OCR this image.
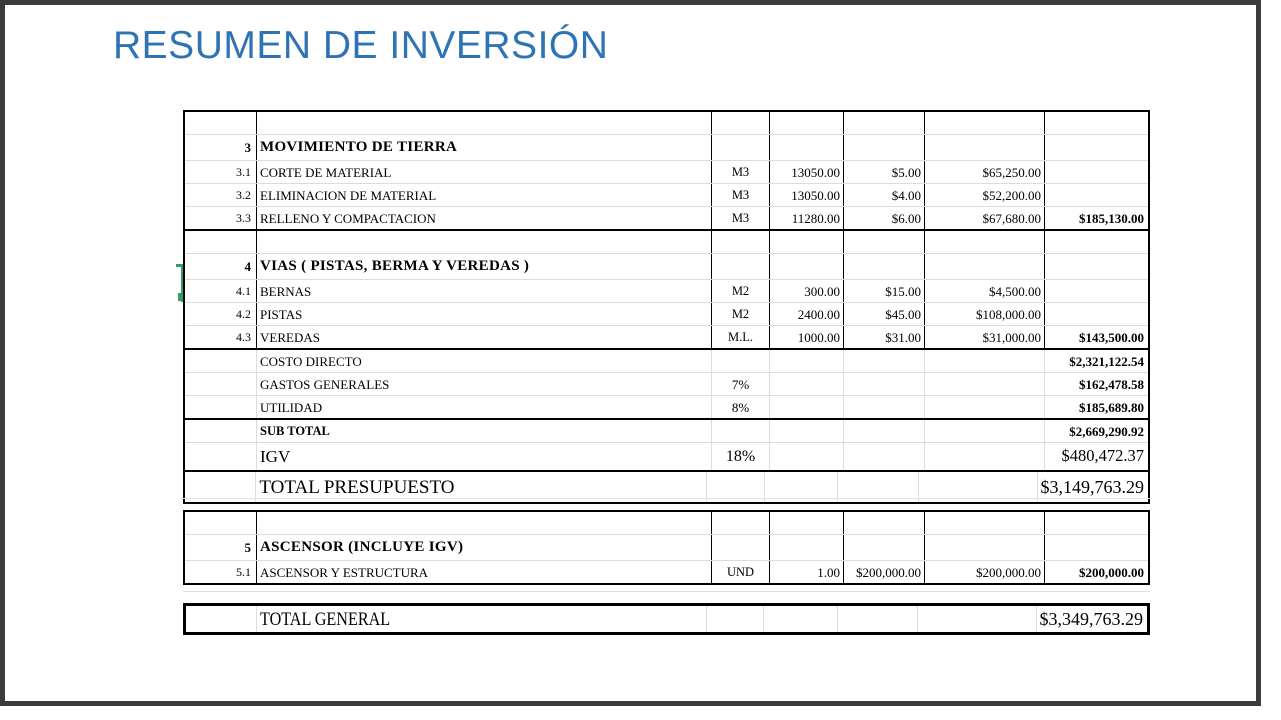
RESUMEN DE INVERSIÓN
3 MOVIMIENTO DE TIERRA
3.1 CORTE DE MATERIAL	M3	13050.00	$5.00	$65,250.00
3.2 ELIMINACION DE MATERIAL	M3	13050.00	$4.00	$52,200.00
3.3 RELLENO Y COMPACTACION	M3	11280.00	$6.00	$67,680.00	$185,130.00
4 VIAS ( PISTAS, BERMA Y VEREDAS )
4.1 BERNAS	M2	300.00	$15.00	$4,500.00
4.2 PISTAS	M2	2400.00	$45.00	$108,000.00
4.3 VEREDAS	M.L.	1000.00	$31.00	$31,000.00	$143,500.00
COSTO DIRECTO	$2,321,122.54
GASTOS GENERALES	7%	$162,478.58
UTILIDAD	8%	$185,689.80
SUB TOTAL	$2,669,290.92
IGV	18%	$480,472.37
TOTAL PRESUPUESTO	$3,149,763.29
5 ASCENSOR (INCLUYE IGV)
5.1 ASCENSOR Y ESTRUCTURA	UND	1.00 $200,000.00	$200,000.00	$200,000.00
TOTAL GENERAL	$3,349,763.29
